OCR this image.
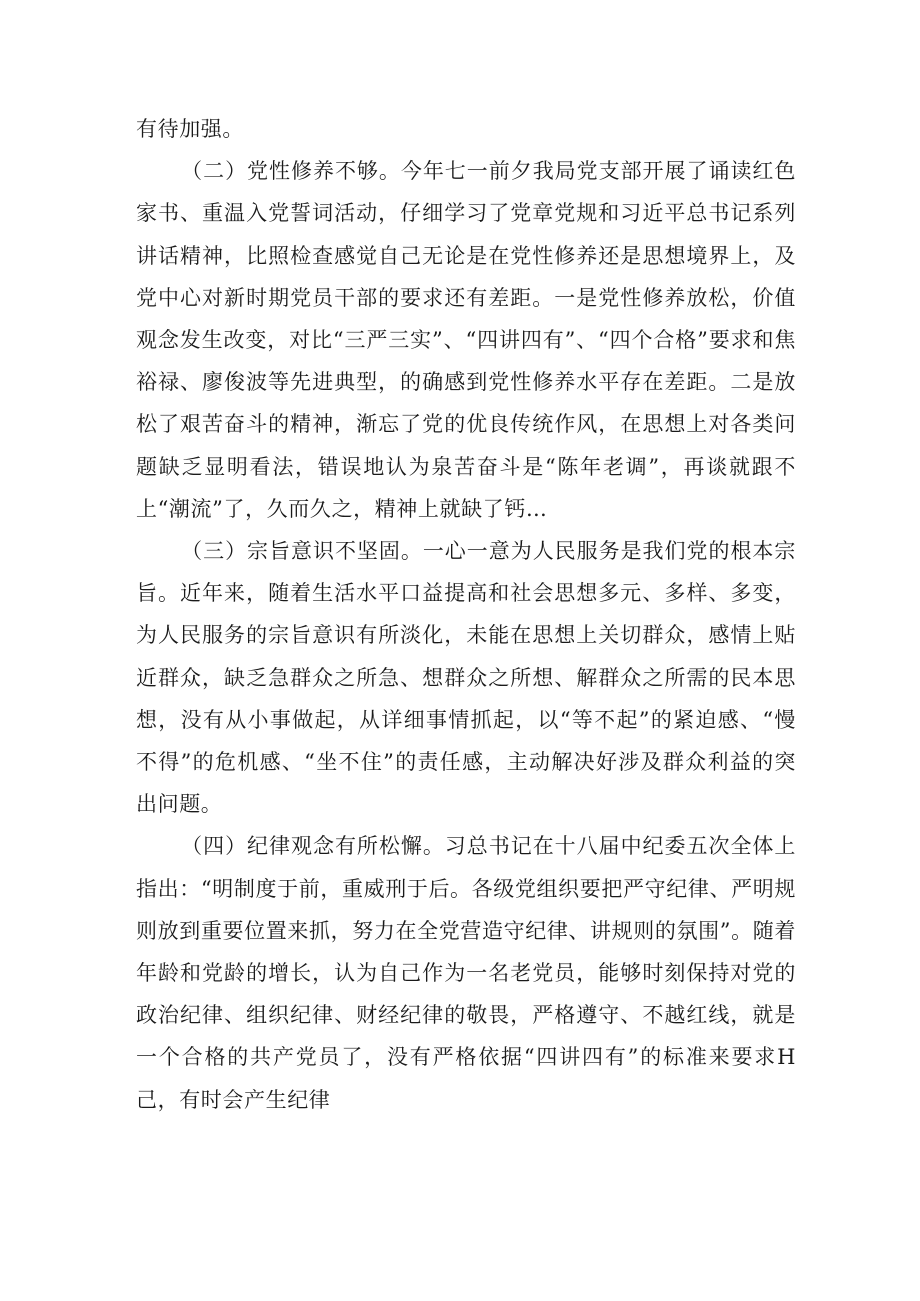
有待加强。

（二）党性修养不够。今年七一前夕我局党支部开展了诵读红色家书、重温入党誓词活动，仔细学习了党章党规和习近平总书记系列讲话精神，比照检查感觉自己无论是在党性修养还是思想境界上，及党中心对新时期党员干部的要求还有差距。一是党性修养放松，价值观念发生改变，对比“三严三实”、“四讲四有”、“四个合格”要求和焦裕禄、廖俊波等先进典型，的确感到党性修养水平存在差距。二是放松了艰苦奋斗的精神，渐忘了党的优良传统作风，在思想上对各类问题缺乏显明看法，错误地认为泉苦奋斗是“陈年老调”，再谈就跟不上“潮流”了，久而久之，精神上就缺了钙…

（三）宗旨意识不坚固。一心一意为人民服务是我们党的根本宗旨。近年来，随着生活水平口益提高和社会思想多元、多样、多变，为人民服务的宗旨意识有所淡化，未能在思想上关切群众，感情上贴近群众，缺乏急群众之所急、想群众之所想、解群众之所需的民本思想，没有从小事做起，从详细事情抓起，以“等不起”的紧迫感、“慢不得”的危机感、“坐不住”的责任感，主动解决好涉及群众利益的突出问题。

（四）纪律观念有所松懈。习总书记在十八届中纪委五次全体上指出：“明制度于前，重威刑于后。各级党组织要把严守纪律、严明规则放到重要位置来抓，努力在全党营造守纪律、讲规则的氛围”。随着年龄和党龄的增长，认为自己作为一名老党员，能够时刻保持对党的政治纪律、组织纪律、财经纪律的敬畏，严格遵守、不越红线，就是一个合格的共产党员了，没有严格依据“四讲四有”的标准来要求H己，有时会产生纪律
